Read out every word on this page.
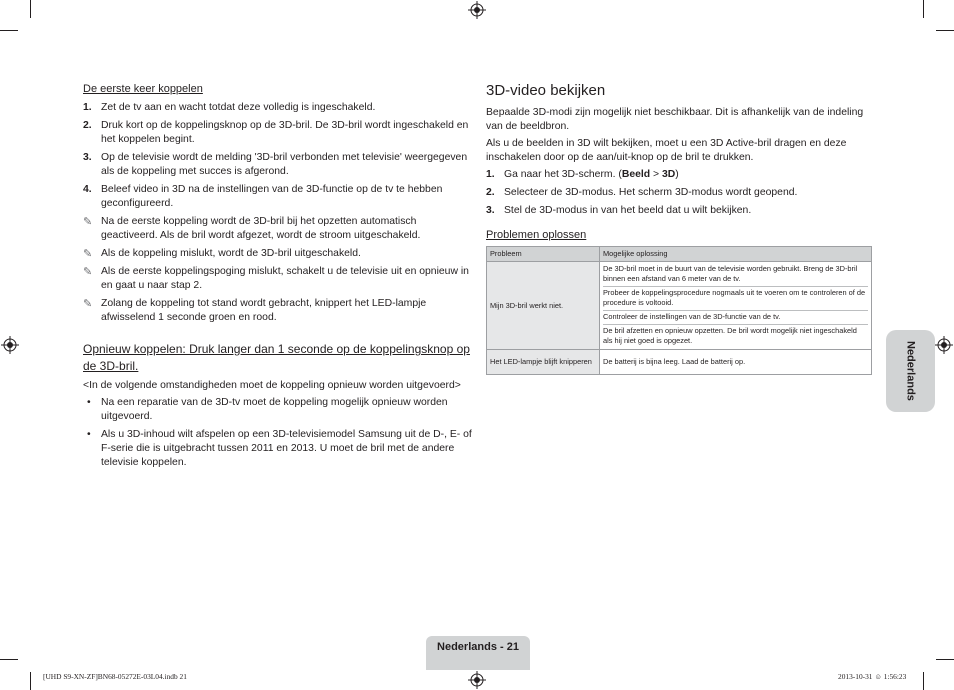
De eerste keer koppelen
1. Zet de tv aan en wacht totdat deze volledig is ingeschakeld.
2. Druk kort op de koppelingsknop op de 3D-bril. De 3D-bril wordt ingeschakeld en het koppelen begint.
3. Op de televisie wordt de melding '3D-bril verbonden met televisie' weergegeven als de koppeling met succes is afgerond.
4. Beleef video in 3D na de instellingen van de 3D-functie op de tv te hebben geconfigureerd.
✎ Na de eerste koppeling wordt de 3D-bril bij het opzetten automatisch geactiveerd. Als de bril wordt afgezet, wordt de stroom uitgeschakeld.
✎ Als de koppeling mislukt, wordt de 3D-bril uitgeschakeld.
✎ Als de eerste koppelingspoging mislukt, schakelt u de televisie uit en opnieuw in en gaat u naar stap 2.
✎ Zolang de koppeling tot stand wordt gebracht, knippert het LED-lampje afwisselend 1 seconde groen en rood.
Opnieuw koppelen: Druk langer dan 1 seconde op de koppelingsknop op de 3D-bril.

<In de volgende omstandigheden moet de koppeling opnieuw worden uitgevoerd>

• Na een reparatie van de 3D-tv moet de koppeling mogelijk opnieuw worden uitgevoerd.
• Als u 3D-inhoud wilt afspelen op een 3D-televisiemodel Samsung uit de D-, E- of F-serie die is uitgebracht tussen 2011 en 2013. U moet de bril met de andere televisie koppelen.
3D-video bekijken

Bepaalde 3D-modi zijn mogelijk niet beschikbaar. Dit is afhankelijk van de indeling van de beeldbron.

Als u de beelden in 3D wilt bekijken, moet u een 3D Active-bril dragen en deze inschakelen door op de aan/uit-knop op de bril te drukken.

1. Ga naar het 3D-scherm. (Beeld > 3D)
2. Selecteer de 3D-modus. Het scherm 3D-modus wordt geopend.
3. Stel de 3D-modus in van het beeld dat u wilt bekijken.
Problemen oplossen
Probleem	Mogelijke oplossing
Mijn 3D-bril werkt niet.	De 3D-bril moet in de buurt van de televisie worden gebruikt. Breng de 3D-bril binnen een afstand van 6 meter van de tv.
Probeer de koppelingsprocedure nogmaals uit te voeren om te controleren of de procedure is voltooid.
Controleer de instellingen van de 3D-functie van de tv.
De bril afzetten en opnieuw opzetten. De bril wordt mogelijk niet ingeschakeld als hij niet goed is opgezet.

Het LED-lampje blijft knipperen	De batterij is bijna leeg. Laad de batterij op.	Nederlands
Nederlands - 21
[UHD S9-XN-ZF]BN68-05272E-03L04.indb 21	2013-10-31 ☺ 1:56:23
